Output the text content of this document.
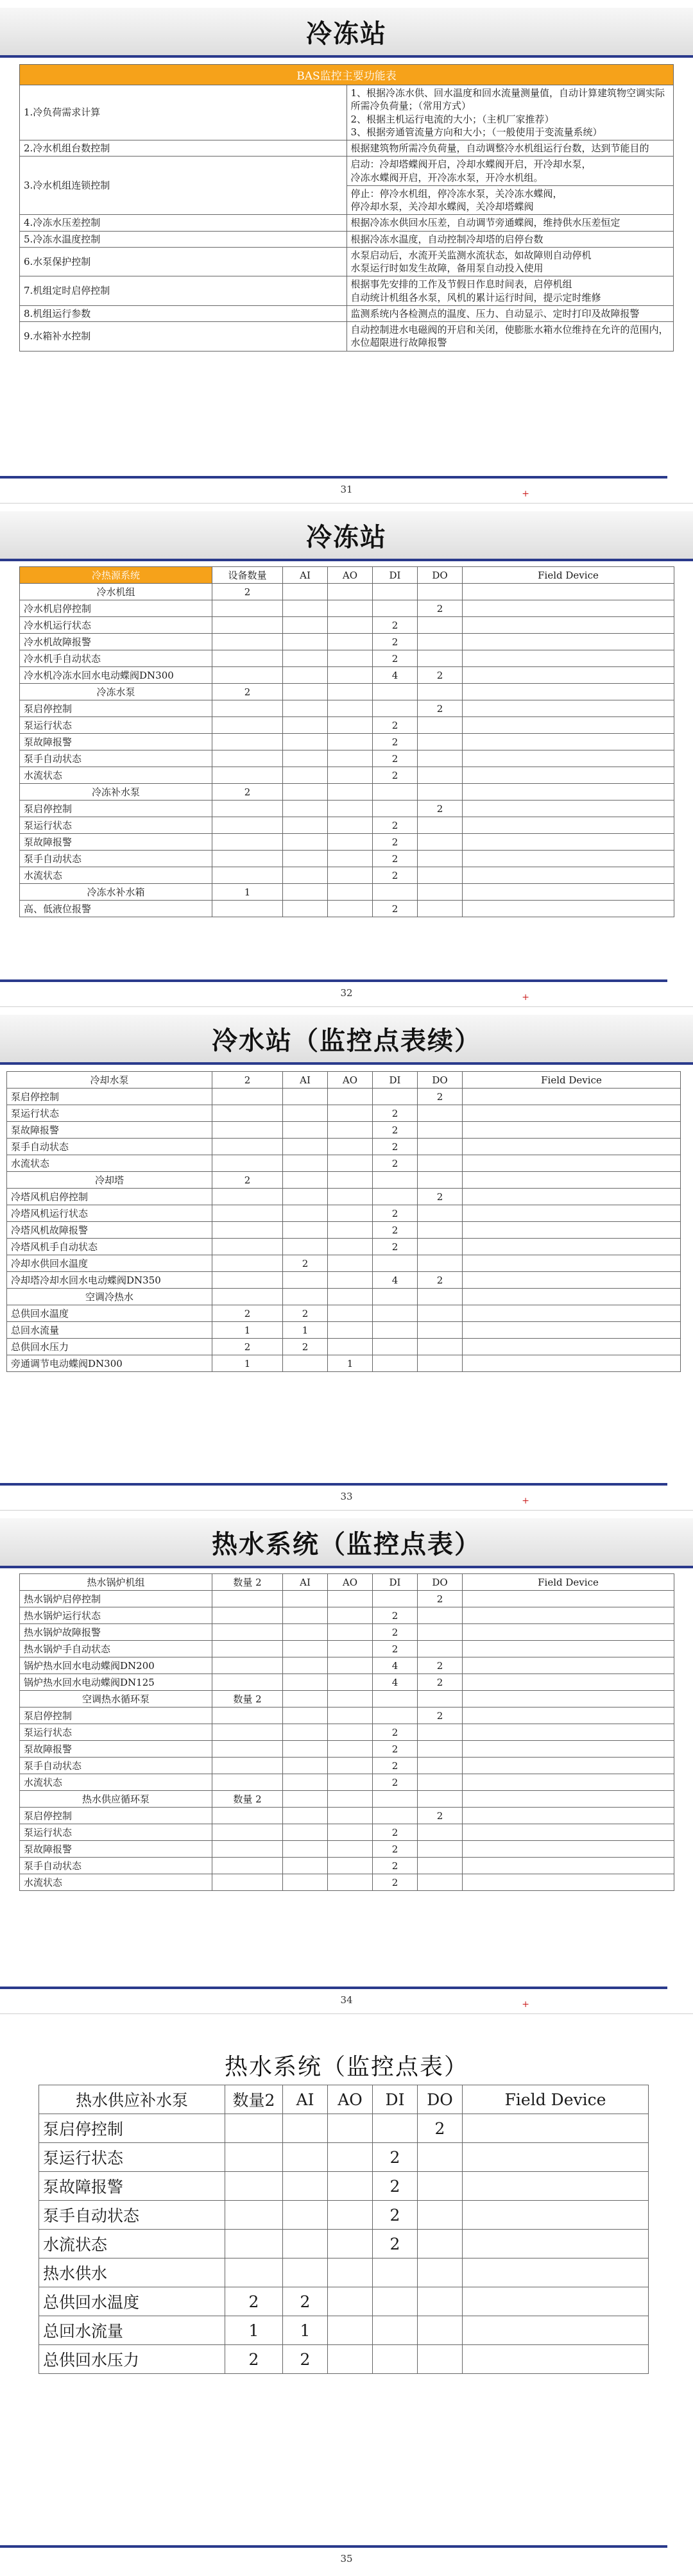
冷冻站
BAS监控主要功能表	
1.冷负荷需求计算	1、根据冷冻水供、回水温度和回水流量测量值，自动计算建筑物空调实际所需冷负荷量；（常用方式）
2、根据主机运行电流的大小；（主机厂家推荐）
3、根据旁通管流量方向和大小；（一般使用于变流量系统）
2.冷水机组台数控制	根据建筑物所需冷负荷量，自动调整冷水机组运行台数，达到节能目的
3.冷水机组连锁控制	启动：冷却塔蝶阀开启，冷却水蝶阀开启，开冷却水泵，
冷冻水蝶阀开启，开冷冻水泵，开冷水机组。
	停止：停冷水机组，停冷冻水泵，关冷冻水蝶阀，
停冷却水泵，关冷却水蝶阀，关冷却塔蝶阀
4.冷冻水压差控制	根据冷冻水供回水压差，自动调节旁通蝶阀，维持供水压差恒定
5.冷冻水温度控制	根据冷冻水温度，自动控制冷却塔的启停台数
6.水泵保护控制	水泵启动后，水流开关监测水流状态，如故障则自动停机
水泵运行时如发生故障，备用泵自动投入使用
7.机组定时启停控制	根据事先安排的工作及节假日作息时间表，启停机组
自动统计机组各水泵，风机的累计运行时间，提示定时维修
8.机组运行参数	监测系统内各检测点的温度、压力、自动显示、定时打印及故障报警
9.水箱补水控制	自动控制进水电磁阀的开启和关闭，使膨胀水箱水位维持在允许的范围内，水位超限进行故障报警
31	+
冷冻站
冷热源系统	设备数量	AI	AO	DI	DO	Field Device
冷水机组	2					
冷水机启停控制					2	
冷水机运行状态				2		
冷水机故障报警				2		
冷水机手自动状态				2		
冷水机冷冻水回水电动蝶阀DN300				4	2	
冷冻水泵	2					
泵启停控制					2	
泵运行状态				2		
泵故障报警				2		
泵手自动状态				2		
水流状态				2		
冷冻补水泵	2					
泵启停控制					2	
泵运行状态				2		
泵故障报警				2		
泵手自动状态				2		
水流状态				2		
冷冻水补水箱	1					
高、低液位报警				2		
32	+
冷水站（监控点表续）
冷却水泵	2	AI	AO	DI	DO	Field Device
泵启停控制					2	
泵运行状态				2		
泵故障报警				2		
泵手自动状态				2		
水流状态				2		
冷却塔	2					
冷塔风机启停控制					2	
冷塔风机运行状态				2		
冷塔风机故障报警				2		
冷塔风机手自动状态				2		
冷却水供回水温度		2				
冷却塔冷却水回水电动蝶阀DN350				4	2	
空调冷热水						
总供回水温度	2	2				
总回水流量	1	1				
总供回水压力	2	2				
旁通调节电动蝶阀DN300	1		1			
33	+
热水系统（监控点表）
热水锅炉机组	数量 2	AI	AO	DI	DO	Field Device
热水锅炉启停控制					2	
热水锅炉运行状态				2		
热水锅炉故障报警				2		
热水锅炉手自动状态				2		
锅炉热水回水电动蝶阀DN200				4	2	
锅炉热水回水电动蝶阀DN125				4	2	
空调热水循环泵	数量 2					
泵启停控制					2	
泵运行状态				2		
泵故障报警				2		
泵手自动状态				2		
水流状态				2		
热水供应循环泵	数量 2					
泵启停控制					2	
泵运行状态				2		
泵故障报警				2		
泵手自动状态				2		
水流状态				2		
34	+
热水系统（监控点表）
热水供应补水泵	数量2	AI	AO	DI	DO	Field Device
泵启停控制					2	
泵运行状态				2		
泵故障报警				2		
泵手自动状态				2		
水流状态				2		
热水供水						
总供回水温度	2	2				
总回水流量	1	1				
总供回水压力	2	2				
35
